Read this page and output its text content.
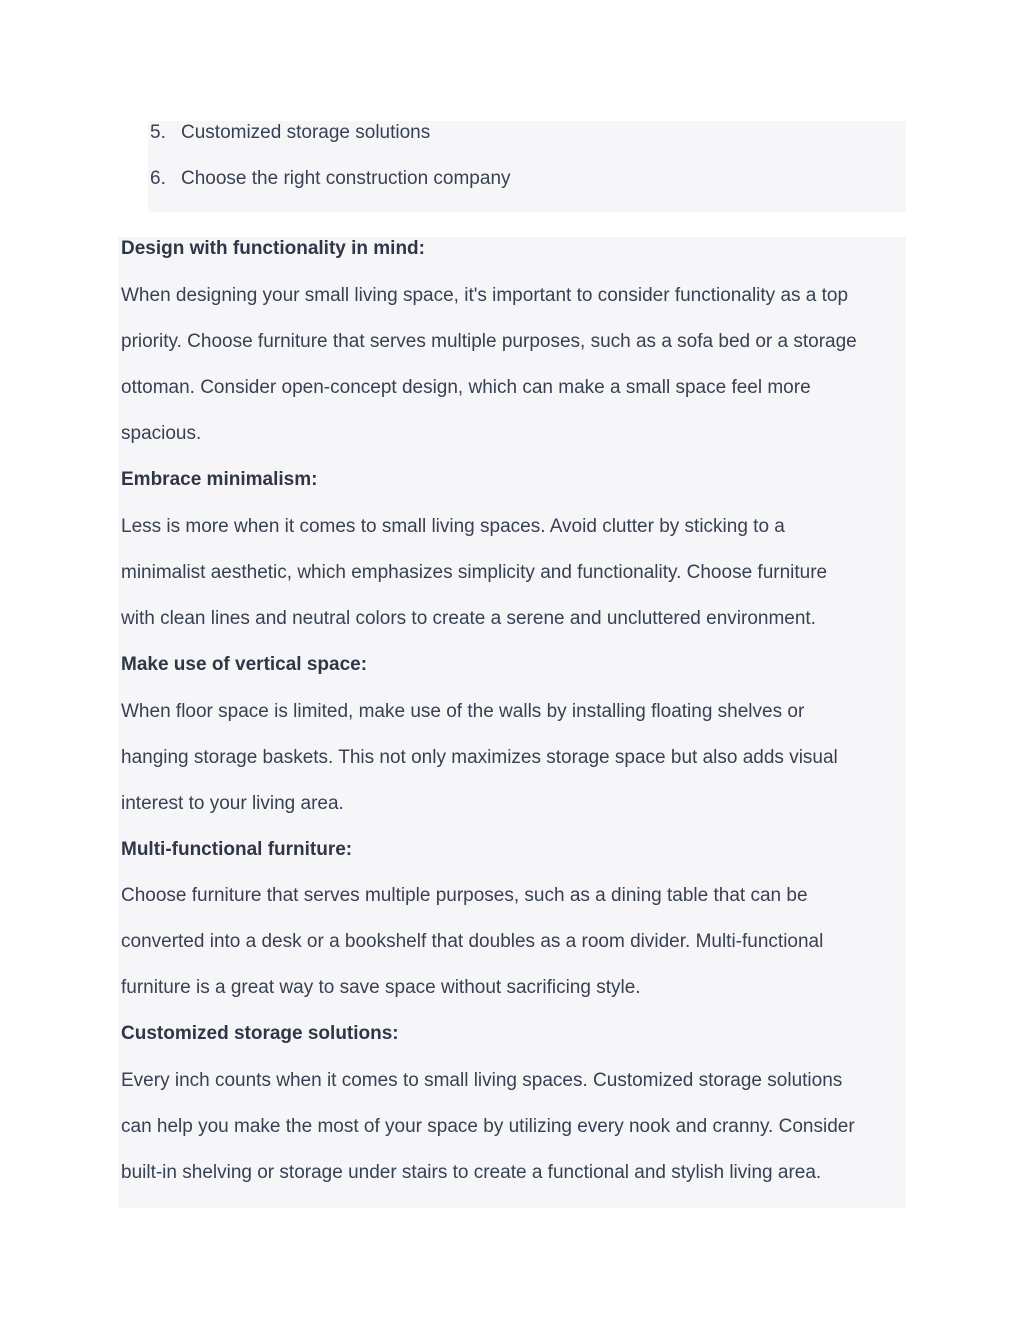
5. Customized storage solutions
6. Choose the right construction company
Design with functionality in mind:
When designing your small living space, it's important to consider functionality as a top
priority. Choose furniture that serves multiple purposes, such as a sofa bed or a storage
ottoman. Consider open-concept design, which can make a small space feel more
spacious.
Embrace minimalism:
Less is more when it comes to small living spaces. Avoid clutter by sticking to a
minimalist aesthetic, which emphasizes simplicity and functionality. Choose furniture
with clean lines and neutral colors to create a serene and uncluttered environment.
Make use of vertical space:
When floor space is limited, make use of the walls by installing floating shelves or
hanging storage baskets. This not only maximizes storage space but also adds visual
interest to your living area.
Multi-functional furniture:
Choose furniture that serves multiple purposes, such as a dining table that can be
converted into a desk or a bookshelf that doubles as a room divider. Multi-functional
furniture is a great way to save space without sacrificing style.
Customized storage solutions:
Every inch counts when it comes to small living spaces. Customized storage solutions
can help you make the most of your space by utilizing every nook and cranny. Consider
built-in shelving or storage under stairs to create a functional and stylish living area.
